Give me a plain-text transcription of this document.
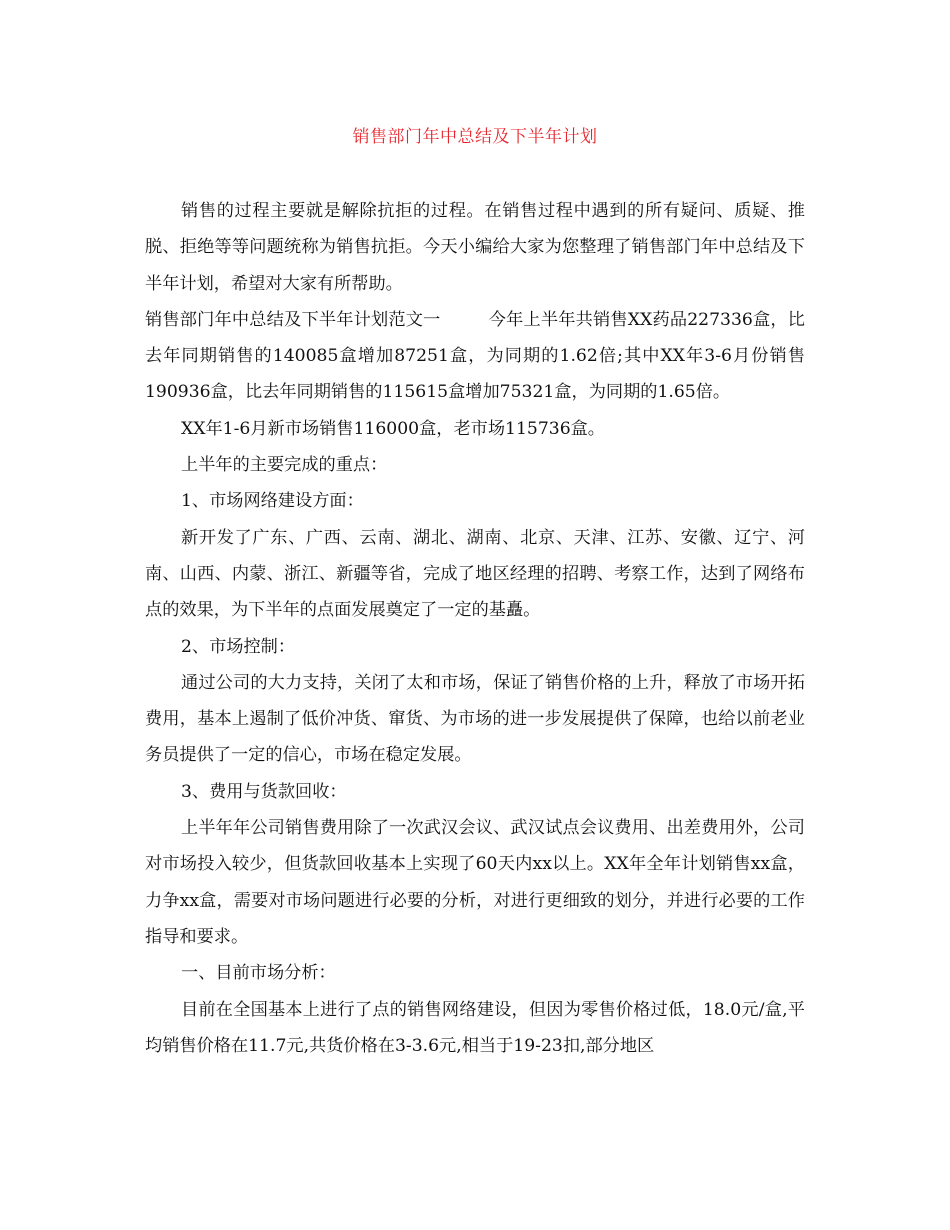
销售部门年中总结及下半年计划

销售的过程主要就是解除抗拒的过程。在销售过程中遇到的所有疑问、质疑、推脱、拒绝等等问题统称为销售抗拒。今天小编给大家为您整理了销售部门年中总结及下半年计划，希望对大家有所帮助。

销售部门年中总结及下半年计划范文一	今年上半年共销售XX药品227336盒，比去年同期销售的140085盒增加87251盒，为同期的1.62倍;其中XX年3-6月份销售190936盒，比去年同期销售的115615盒增加75321盒，为同期的1.65倍。

XX年1-6月新市场销售116000盒，老市场115736盒。

上半年的主要完成的重点：

1、市场网络建设方面：

新开发了广东、广西、云南、湖北、湖南、北京、天津、江苏、安徽、辽宁、河南、山西、内蒙、浙江、新疆等省，完成了地区经理的招聘、考察工作，达到了网络布点的效果，为下半年的点面发展奠定了一定的基矗。

2、市场控制：

通过公司的大力支持，关闭了太和市场，保证了销售价格的上升，释放了市场开拓费用，基本上遏制了低价冲货、窜货、为市场的进一步发展提供了保障，也给以前老业务员提供了一定的信心，市场在稳定发展。

3、费用与货款回收：

上半年年公司销售费用除了一次武汉会议、武汉试点会议费用、出差费用外，公司对市场投入较少，但货款回收基本上实现了60天内xx以上。XX年全年计划销售xx盒，力争xx盒，需要对市场问题进行必要的分析，对进行更细致的划分，并进行必要的工作指导和要求。

一、目前市场分析：

目前在全国基本上进行了点的销售网络建设，但因为零售价格过低，18.0元/盒,平均销售价格在11.7元,共货价格在3-3.6元,相当于19-23扣,部分地区
